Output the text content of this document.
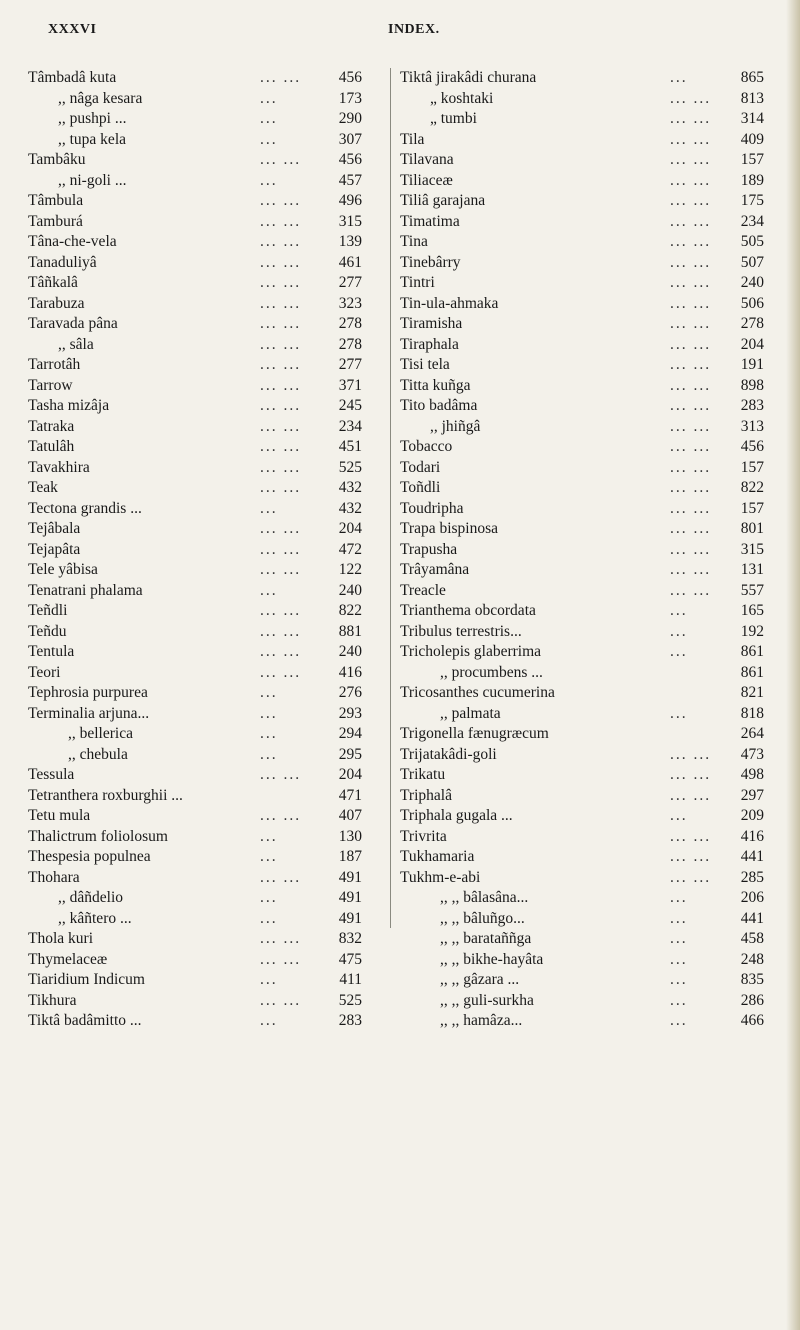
XXXVI	INDEX.
Tâmbadâ kuta	... ... 456
,, nâga kesara	...	173
,, pushpi ...	...	290
,, tupa kela	...	307
Tambâku	... ... 456
,, ni-goli ...	...	457
Tâmbula	... ... 496
Tamburá	... ... 315
Tâna-che-vela	... ... 139
Tanaduliyâ	... ... 461
Tâñkalâ	... ... 277
Tarabuza	... ... 323
Taravada pâna	... ... 278
,, sâla	... ... 278
Tarrotâh	... ... 277
Tarrow	... ... 371
Tasha mizâja	... ... 245
Tatraka	... ... 234
Tatulâh	... ... 451
Tavakhira	... ... 525
Teak	... ... 432
Tectona grandis ...	...	432
Tejâbala	... ... 204
Tejapâta	... ... 472
Tele yâbisa	... ... 122
Tenatrani phalama	...	240
Teñdli	... ... 822
Teñdu	... ... 881
Tentula	... ... 240
Teori	... ... 416
Tephrosia purpurea	...	276
Terminalia arjuna...	...	293
,, bellerica	...	294
,, chebula	...	295
Tessula	... ... 204
Tetranthera roxburghii ...	471
Tetu mula	... ... 407
Thalictrum foliolosum	...	130
Thespesia populnea	...	187
Thohara	... ... 491
,, dâñdelio	...	491
,, kâñtero ...	...	491
Thola kuri	... ... 832
Thymelaceæ	... ... 475
Tiaridium Indicum	...	411
Tikhura	... ... 525
Tiktâ badâmitto ...	...	283
Tiktâ jirakâdi churana	...	865
„ koshtaki	... ... 813
„ tumbi	... ... 314
Tila	... ... 409
Tilavana	... ... 157
Tiliaceæ	... ... 189
Tiliâ garajana	... ... 175
Timatima	... ... 234
Tina	... ... 505
Tinebârry	... ... 507
Tintri	... ... 240
Tin-ula-ahmaka	... ... 506
Tiramisha	... ... 278
Tiraphala	... ... 204
Tisi tela	... ... 191
Titta kuñga	... ... 898
Tito badâma	... ... 283
,, jhiñgâ	... ... 313
Tobacco	... ... 456
Todari	... ... 157
Toñdli	... ... 822
Toudripha	... ... 157
Trapa bispinosa	... ... 801
Trapusha	... ... 315
Trâyamâna	... ... 131
Treacle	... ... 557
Trianthema obcordata	...	165
Tribulus terrestris...	...	192
Tricholepis glaberrima	...	861
,, procumbens ...	861
Tricosanthes cucumerina	821
,, palmata	...	818
Trigonella fænugræcum	264
Trijatakâdi-goli	... ... 473
Trikatu	... ... 498
Triphalâ	... ... 297
Triphala gugala ...	...	209
Trivrita	... ... 416
Tukhamaria	... ... 441
Tukhm-e-abi	... ... 285
,, ,, bâlasâna...	...	206
,, ,, bâluñgo...	...	441
,, ,, barataññga	...	458
,, ,, bikhe-hayâta	...	248
,, ,, gâzara ...	...	835
,, ,, guli-surkha	...	286
,, ,, hamâza...	...	466
